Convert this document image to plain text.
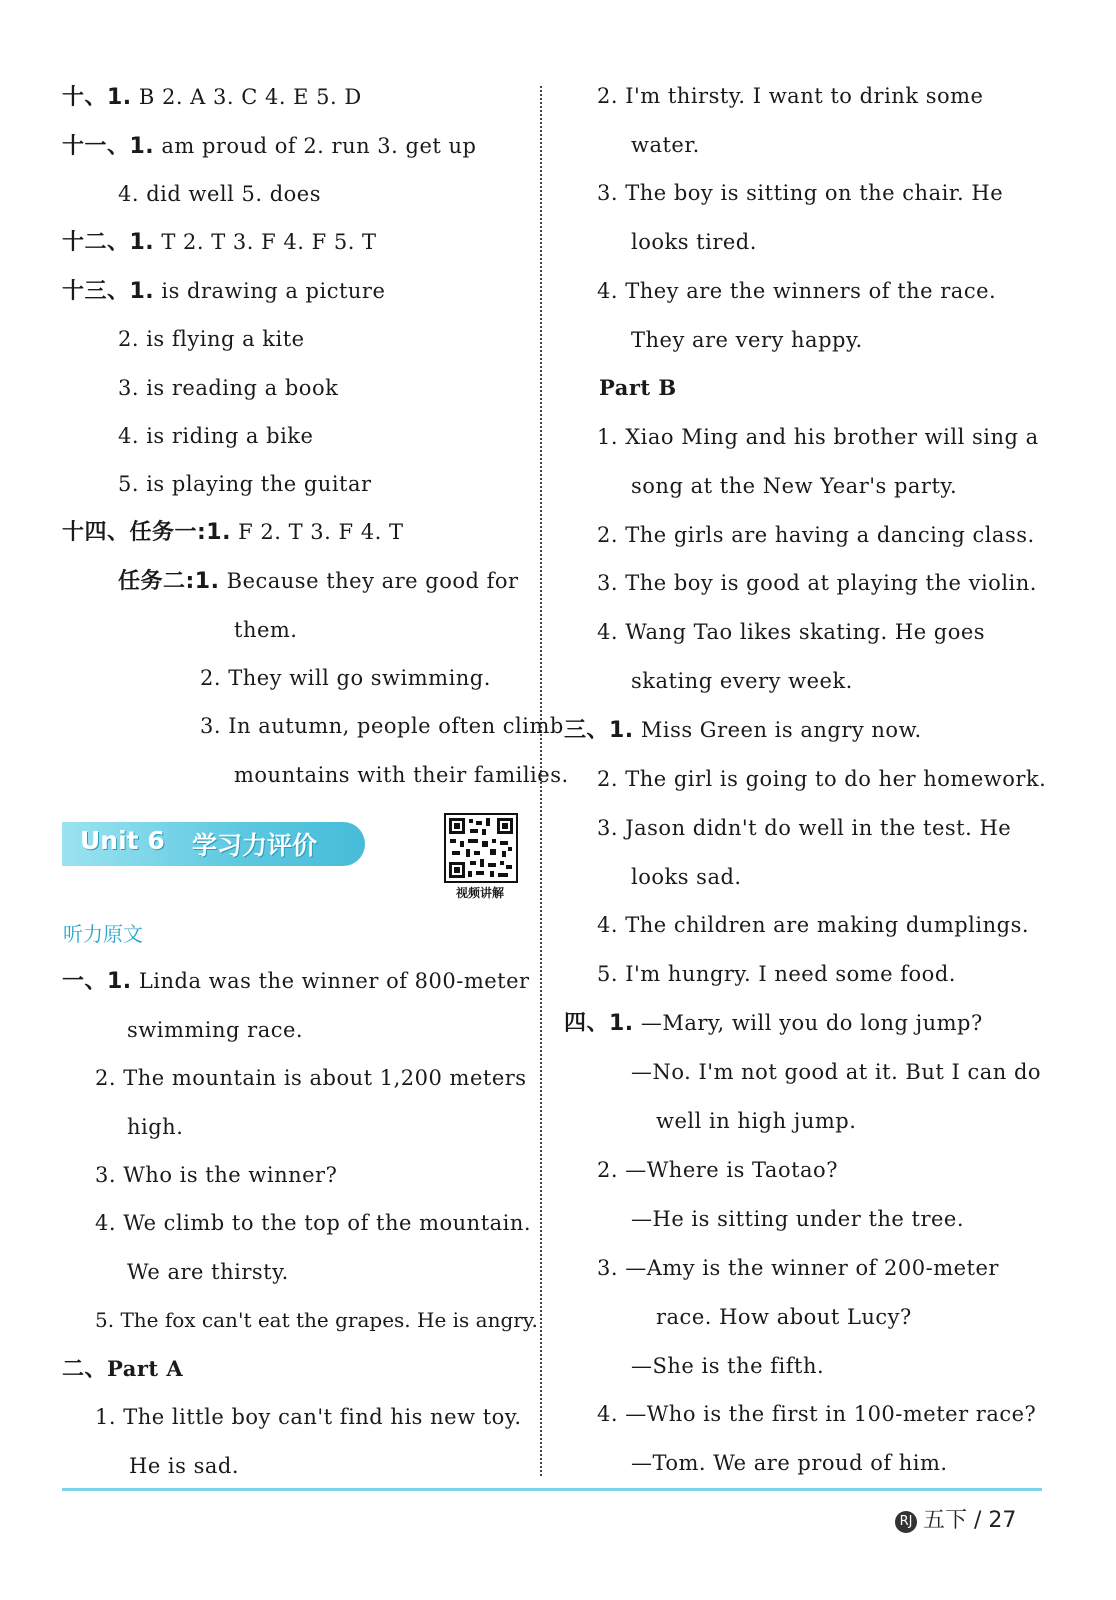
十、1. B 2. A 3. C 4. E 5. D
十一、1. am proud of 2. run 3. get up
4. did well 5. does
十二、1. T 2. T 3. F 4. F 5. T
十三、1. is drawing a picture
2. is flying a kite
3. is reading a book
4. is riding a bike
5. is playing the guitar
十四、任务一:1. F 2. T 3. F 4. T
任务二:1. Because they are good for
them.
2. They will go swimming.
3. In autumn, people often climb
mountains with their families.
Unit 6 学习力评价
视频讲解
听力原文
一、1. Linda was the winner of 800-meter
swimming race.
2. The mountain is about 1,200 meters
high.
3. Who is the winner?
4. We climb to the top of the mountain.
We are thirsty.
5. The fox can't eat the grapes. He is angry.
二、Part A
1. The little boy can't find his new toy.
He is sad.
2. I'm thirsty. I want to drink some
water.
3. The boy is sitting on the chair. He
looks tired.
4. They are the winners of the race.
They are very happy.
Part B
1. Xiao Ming and his brother will sing a
song at the New Year's party.
2. The girls are having a dancing class.
3. The boy is good at playing the violin.
4. Wang Tao likes skating. He goes
skating every week.
三、1. Miss Green is angry now.
2. The girl is going to do her homework.
3. Jason didn't do well in the test. He
looks sad.
4. The children are making dumplings.
5. I'm hungry. I need some food.
四、1. —Mary, will you do long jump?
—No. I'm not good at it. But I can do
well in high jump.
2. —Where is Taotao?
—He is sitting under the tree.
3. —Amy is the winner of 200-meter
race. How about Lucy?
—She is the fifth.
4. —Who is the first in 100-meter race?
—Tom. We are proud of him.
RJ 五下 / 27
